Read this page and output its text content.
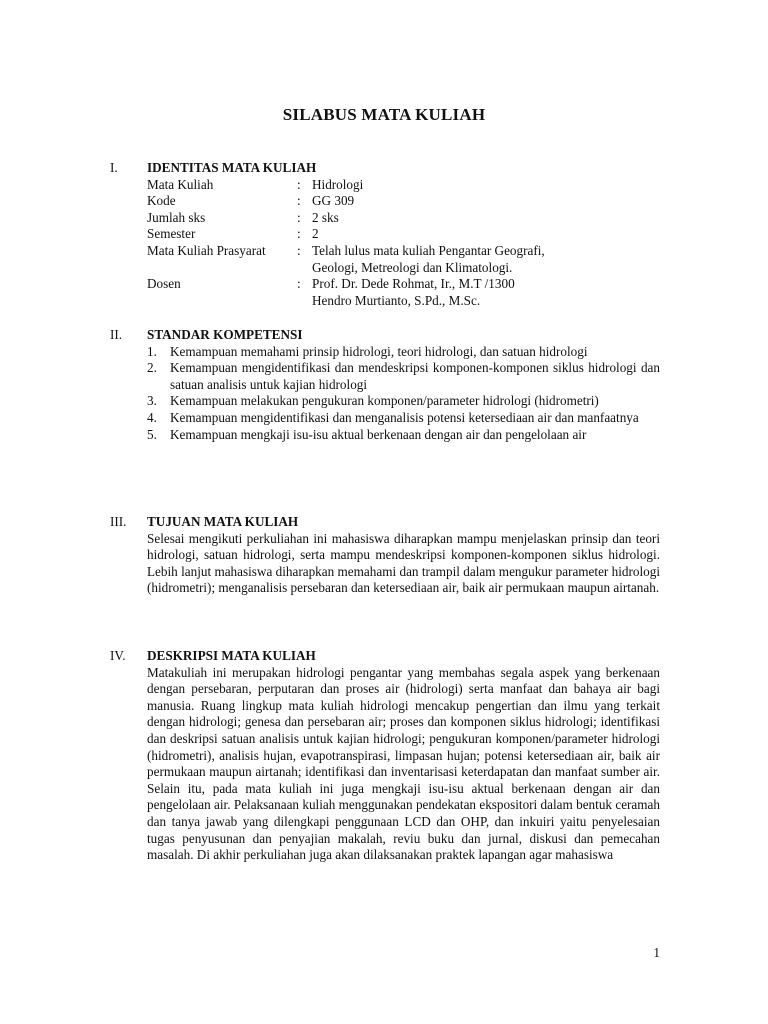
SILABUS MATA KULIAH
I.	IDENTITAS MATA KULIAH
Mata Kuliah	: Hidrologi
Kode	: GG 309
Jumlah sks	: 2 sks
Semester	: 2
Mata Kuliah Prasyarat	: Telah lulus mata kuliah Pengantar Geografi,
Geologi, Metreologi dan Klimatologi.
Dosen	: Prof. Dr. Dede Rohmat, Ir., M.T /1300
Hendro Murtianto, S.Pd., M.Sc.
II.	STANDAR KOMPETENSI
1. Kemampuan memahami prinsip hidrologi, teori hidrologi, dan satuan hidrologi
2. Kemampuan mengidentifikasi dan mendeskripsi komponen-komponen siklus hidrologi dan satuan analisis untuk kajian hidrologi
3. Kemampuan melakukan pengukuran komponen/parameter hidrologi (hidrometri)
4. Kemampuan mengidentifikasi dan menganalisis potensi ketersediaan air dan manfaatnya
5. Kemampuan mengkaji isu-isu aktual berkenaan dengan air dan pengelolaan air
III.	TUJUAN MATA KULIAH

Selesai mengikuti perkuliahan ini mahasiswa diharapkan mampu menjelaskan prinsip dan teori hidrologi, satuan hidrologi, serta mampu mendeskripsi komponen-komponen siklus hidrologi. Lebih lanjut mahasiswa diharapkan memahami dan trampil dalam mengukur parameter hidrologi (hidrometri); menganalisis persebaran dan ketersediaan air, baik air permukaan maupun airtanah.

IV.	DESKRIPSI MATA KULIAH

Matakuliah ini merupakan hidrologi pengantar yang membahas segala aspek yang berkenaan dengan persebaran, perputaran dan proses air (hidrologi) serta manfaat dan bahaya air bagi manusia. Ruang lingkup mata kuliah hidrologi mencakup pengertian dan ilmu yang terkait dengan hidrologi; genesa dan persebaran air; proses dan komponen siklus hidrologi; identifikasi dan deskripsi satuan analisis untuk kajian hidrologi; pengukuran komponen/parameter hidrologi (hidrometri), analisis hujan, evapotranspirasi, limpasan hujan; potensi ketersediaan air, baik air permukaan maupun airtanah; identifikasi dan inventarisasi keterdapatan dan manfaat sumber air. Selain itu, pada mata kuliah ini juga mengkaji isu-isu aktual berkenaan dengan air dan pengelolaan air. Pelaksanaan kuliah menggunakan pendekatan ekspositori dalam bentuk ceramah dan tanya jawab yang dilengkapi penggunaan LCD dan OHP, dan inkuiri yaitu penyelesaian tugas penyusunan dan penyajian makalah, reviu buku dan jurnal, diskusi dan pemecahan masalah. Di akhir perkuliahan juga akan dilaksanakan praktek lapangan agar mahasiswa

1
